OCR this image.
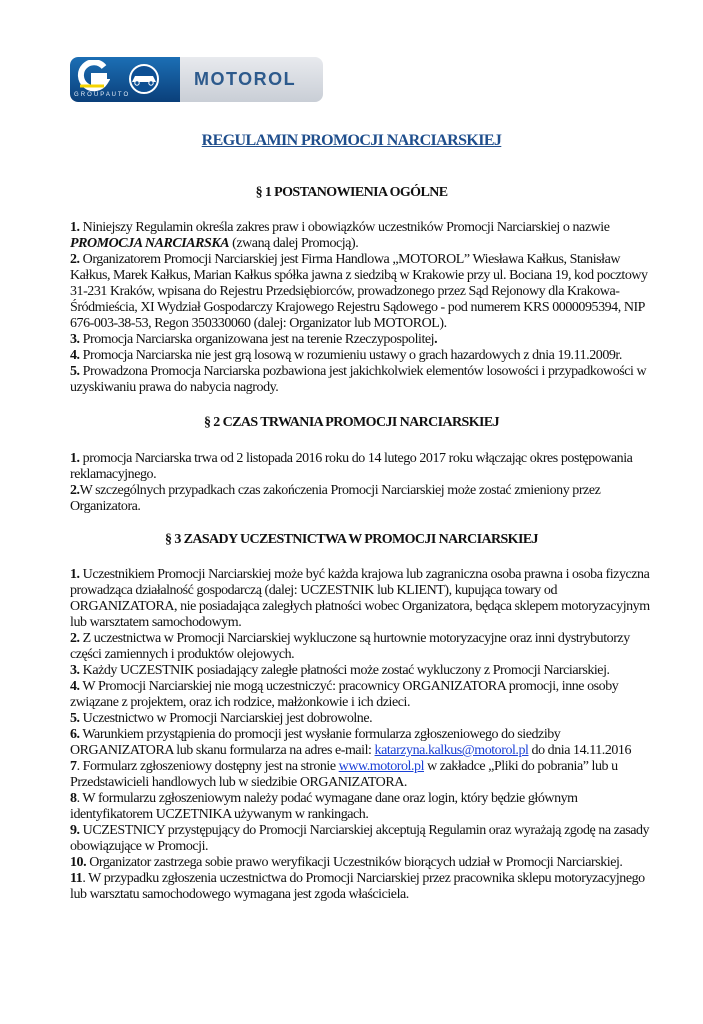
G R O U P A U T O
MOTOROL
REGULAMIN PROMOCJI NARCIARSKIEJ
§ 1 POSTANOWIENIA OGÓLNE

1. Niniejszy Regulamin określa zakres praw i obowiązków uczestników Promocji Narciarskiej o nazwie PROMOCJA NARCIARSKA (zwaną dalej Promocją).

2. Organizatorem Promocji Narciarskiej jest Firma Handlowa „MOTOROL” Wiesława Kałkus, Stanisław Kałkus, Marek Kałkus, Marian Kałkus spółka jawna z siedzibą w Krakowie przy ul. Bociana 19, kod pocztowy 31-231 Kraków, wpisana do Rejestru Przedsiębiorców, prowadzonego przez Sąd Rejonowy dla Krakowa-Śródmieścia, XI Wydział Gospodarczy Krajowego Rejestru Sądowego - pod numerem KRS 0000095394, NIP 676-003-38-53, Regon 350330060 (dalej: Organizator lub MOTOROL).

3. Promocja Narciarska organizowana jest na terenie Rzeczypospolitej.

4. Promocja Narciarska nie jest grą losową w rozumieniu ustawy o grach hazardowych z dnia 19.11.2009r.

5. Prowadzona Promocja Narciarska pozbawiona jest jakichkolwiek elementów losowości i przypadkowości w uzyskiwaniu prawa do nabycia nagrody.

§ 2 CZAS TRWANIA PROMOCJI NARCIARSKIEJ

1. promocja Narciarska trwa od 2 listopada 2016 roku do 14 lutego 2017 roku włączając okres postępowania reklamacyjnego.

2.W szczególnych przypadkach czas zakończenia Promocji Narciarskiej może zostać zmieniony przez Organizatora.

§ 3 ZASADY UCZESTNICTWA W PROMOCJI NARCIARSKIEJ

1. Uczestnikiem Promocji Narciarskiej może być każda krajowa lub zagraniczna osoba prawna i osoba fizyczna prowadząca działalność gospodarczą (dalej: UCZESTNIK lub KLIENT), kupująca towary od ORGANIZATORA, nie posiadająca zaległych płatności wobec Organizatora, będąca sklepem motoryzacyjnym lub warsztatem samochodowym.

2. Z uczestnictwa w Promocji Narciarskiej wykluczone są hurtownie motoryzacyjne oraz inni dystrybutorzy części zamiennych i produktów olejowych.

3. Każdy UCZESTNIK posiadający zaległe płatności może zostać wykluczony z Promocji Narciarskiej.

4. W Promocji Narciarskiej nie mogą uczestniczyć: pracownicy ORGANIZATORA promocji, inne osoby związane z projektem, oraz ich rodzice, małżonkowie i ich dzieci.

5. Uczestnictwo w Promocji Narciarskiej jest dobrowolne.

6. Warunkiem przystąpienia do promocji jest wysłanie formularza zgłoszeniowego do siedziby ORGANIZATORA lub skanu formularza na adres e-mail: katarzyna.kalkus@motorol.pl do dnia 14.11.2016

7. Formularz zgłoszeniowy dostępny jest na stronie www.motorol.pl w zakładce „Pliki do pobrania” lub u Przedstawicieli handlowych lub w siedzibie ORGANIZATORA.

8. W formularzu zgłoszeniowym należy podać wymagane dane oraz login, który będzie głównym identyfikatorem UCZETNIKA używanym w rankingach.

9. UCZESTNICY przystępujący do Promocji Narciarskiej akceptują Regulamin oraz wyrażają zgodę na zasady obowiązujące w Promocji.

10. Organizator zastrzega sobie prawo weryfikacji Uczestników biorących udział w Promocji Narciarskiej.

11. W przypadku zgłoszenia uczestnictwa do Promocji Narciarskiej przez pracownika sklepu motoryzacyjnego lub warsztatu samochodowego wymagana jest zgoda właściciela.
